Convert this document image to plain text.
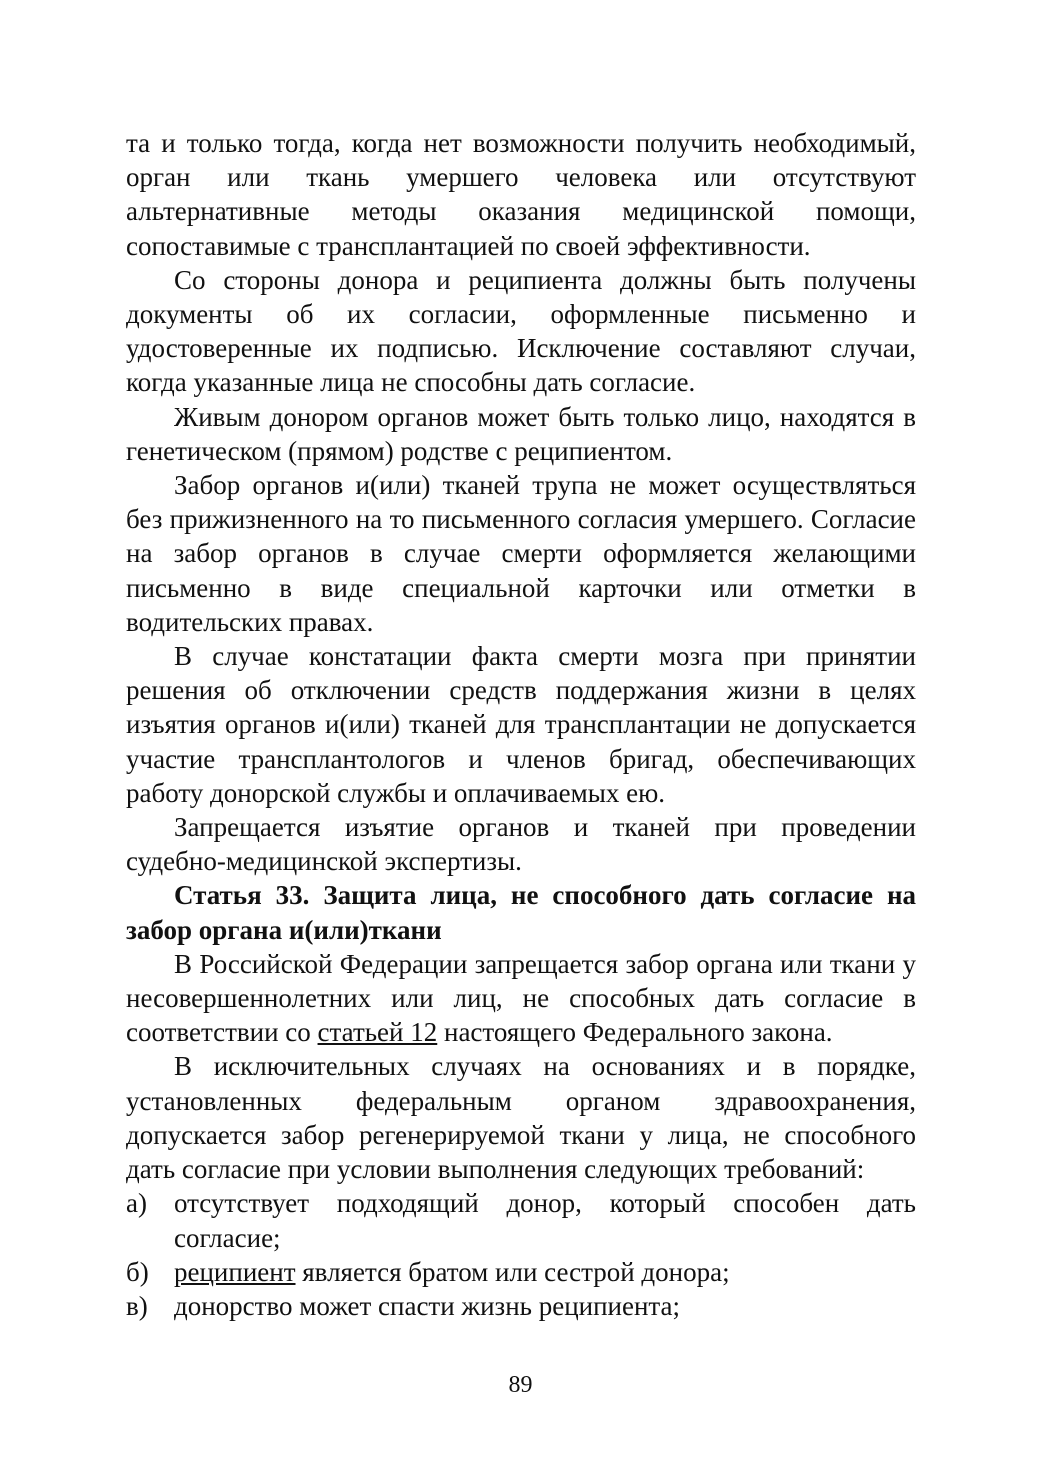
та и только тогда, когда нет возможности получить необходимый, орган или ткань умершего человека или отсутствуют альтернативные методы оказания медицинской помощи, сопоставимые с трансплантацией по своей эффективности.

Со стороны донора и реципиента должны быть получены документы об их согласии, оформленные письменно и удостоверенные их подписью. Исключение составляют случаи, когда указанные лица не способны дать согласие.

Живым донором органов может быть только лицо, находятся в генетическом (прямом) родстве с реципиентом.

Забор органов и(или) тканей трупа не может осуществляться без прижизненного на то письменного согласия умершего. Согласие на забор органов в случае смерти оформляется желающими письменно в виде специальной карточки или отметки в водительских правах.

В случае констатации факта смерти мозга при принятии решения об отключении средств поддержания жизни в целях изъятия органов и(или) тканей для трансплантации не допускается участие трансплантологов и членов бригад, обеспечивающих работу донорской службы и оплачиваемых ею.

Запрещается изъятие органов и тканей при проведении судебно-медицинской экспертизы.

Статья 33. Защита лица, не способного дать согласие на забор органа и(или)ткани

В Российской Федерации запрещается забор органа или ткани у несовершеннолетних или лиц, не способных дать согласие в соответствии со статьей 12 настоящего Федерального закона.

В исключительных случаях на основаниях и в порядке, установленных федеральным органом здравоохранения, допускается забор регенерируемой ткани у лица, не способного дать согласие при условии выполнения следующих требований:

а)	отсутствует подходящий донор, который способен дать согласие;
б) реципиент является братом или сестрой донора;
в) донорство может спасти жизнь реципиента;
89
